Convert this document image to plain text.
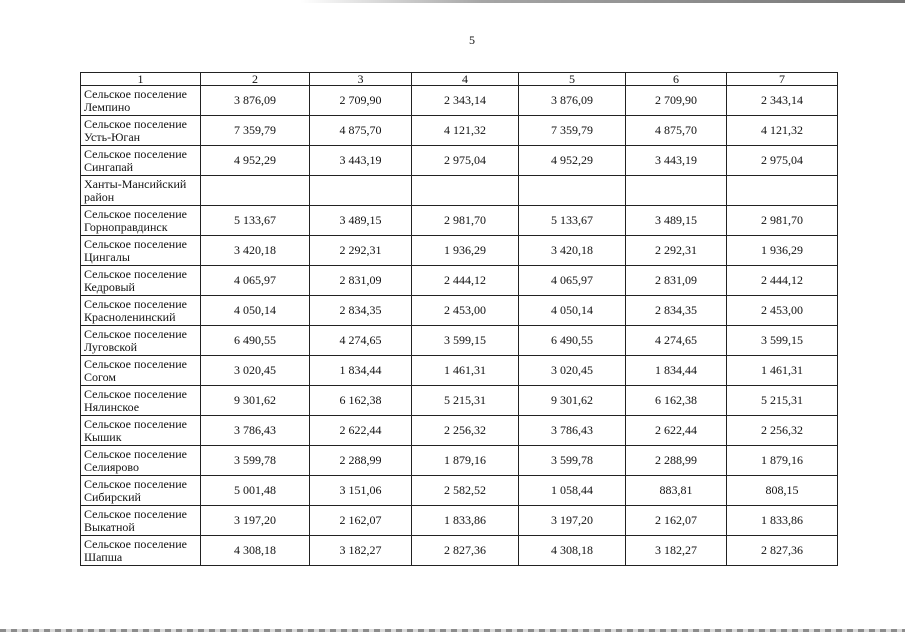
5
1	2	3	4	5	6	7

Сельское поселение
Лемпино	3 876,09	2 709,90	2 343,14	3 876,09	2 709,90	2 343,14

Сельское поселение
Усть-Юган	7 359,79	4 875,70	4 121,32	7 359,79	4 875,70	4 121,32

Сельское поселение
Сингапай	4 952,29	3 443,19	2 975,04	4 952,29	3 443,19	2 975,04

Ханты-Мансийский
район						

Сельское поселение
Горноправдинск	5 133,67	3 489,15	2 981,70	5 133,67	3 489,15	2 981,70

Сельское поселение
Цингалы	3 420,18	2 292,31	1 936,29	3 420,18	2 292,31	1 936,29

Сельское поселение
Кедровый	4 065,97	2 831,09	2 444,12	4 065,97	2 831,09	2 444,12

Сельское поселение
Красноленинский	4 050,14	2 834,35	2 453,00	4 050,14	2 834,35	2 453,00

Сельское поселение
Луговской	6 490,55	4 274,65	3 599,15	6 490,55	4 274,65	3 599,15

Сельское поселение
Согом	3 020,45	1 834,44	1 461,31	3 020,45	1 834,44	1 461,31

Сельское поселение
Нялинское	9 301,62	6 162,38	5 215,31	9 301,62	6 162,38	5 215,31

Сельское поселение
Кышик	3 786,43	2 622,44	2 256,32	3 786,43	2 622,44	2 256,32

Сельское поселение
Селиярово	3 599,78	2 288,99	1 879,16	3 599,78	2 288,99	1 879,16

Сельское поселение
Сибирский	5 001,48	3 151,06	2 582,52	1 058,44	883,81	808,15

Сельское поселение
Выкатной	3 197,20	2 162,07	1 833,86	3 197,20	2 162,07	1 833,86

Сельское поселение
Шапша	4 308,18	3 182,27	2 827,36	4 308,18	3 182,27	2 827,36
